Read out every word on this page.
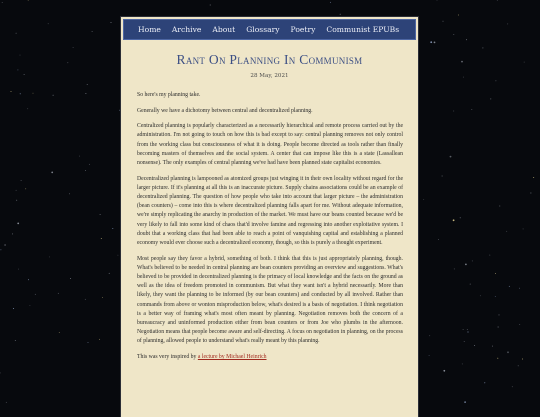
Home Archive About Glossary Poetry Communist EPUBs
Rant On Planning In Communism
28 May, 2021

So here's my planning take.

Generally we have a dichotomy between central and decentralized planning.

Centralized planning is popularly characterized as a necessarily hierarchical and remote process carried out by the administration. I'm not going to touch on how this is bad except to say: central planning removes not only control from the working class but consciousness of what it is doing. People become directed as tools rather than finally becoming masters of themselves and the social system. A center that can impose like this is a state (Lassallean nonsense). The only examples of central planning we've had have been planned state capitalist economies.

Decentralized planning is lampooned as atomized groups just winging it in their own locality without regard for the larger picture. If it's planning at all this is an inaccurate picture. Supply chains associations could be an example of decentralized planning. The question of how people who take into account that larger picture – the administration (bean counters) – come into this is where decentralized planning falls apart for me. Without adequate information, we're simply replicating the anarchy in production of the market. We must have our beans counted because we'd be very likely to fall into some kind of chaos that'd involve famine and regressing into another exploitative system. I doubt that a working class that had been able to reach a point of vanquishing capital and establishing a planned economy would ever choose such a decentralized economy, though, so this is purely a thought experiment.

Most people say they favor a hybrid, something of both. I think that this is just appropriately planning, though. What's believed to be needed in central planning are bean counters providing an overview and suggestions. What's believed to be provided in decentralized planning is the primacy of local knowledge and the facts on the ground as well as the idea of freedom promoted in communism. But what they want isn't a hybrid necessarily. More than likely, they want the planning to be informed (by our bean counters) and conducted by all involved. Rather than commands from above or wonton misproduction below, what's desired is a basis of negotiation. I think negotiation is a better way of framing what's most often meant by planning. Negotiation removes both the concern of a bureaucracy and uninformed production either from bean counters or from Joe who plumbs in the afternoon. Negotiation means that people become aware and self-directing. A focus on negotiation in planning, on the process of planning, allowed people to understand what's really meant by this planning.

This was very inspired by a lecture by Michael Heinrich
